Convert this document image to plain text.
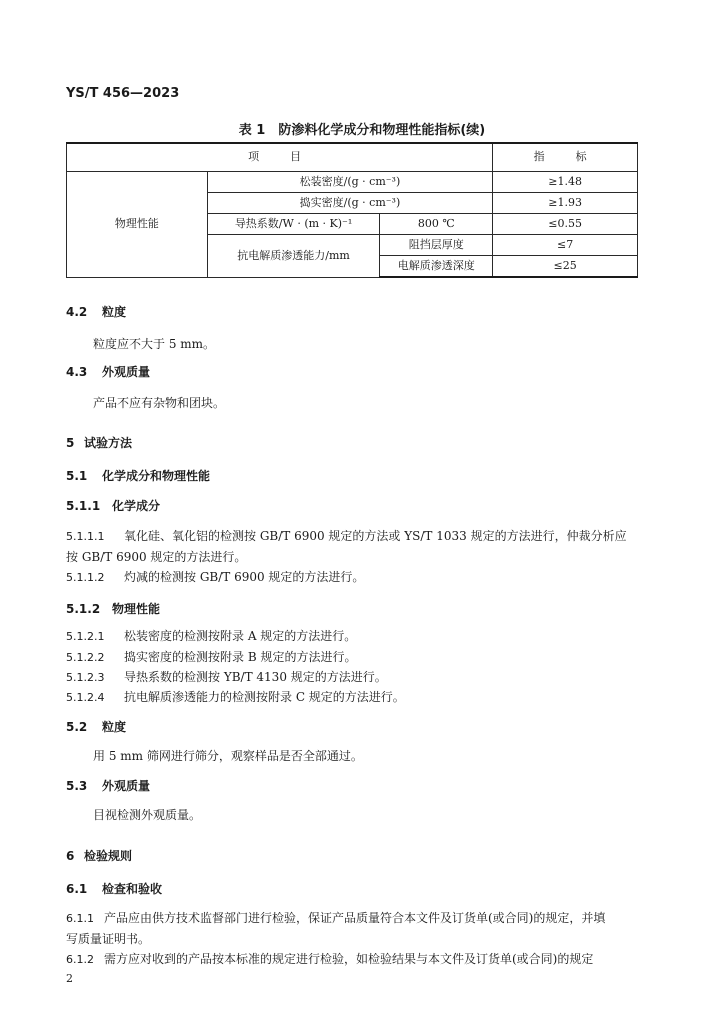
YS/T 456—2023
表 1　防渗料化学成分和物理性能指标(续)
项　目			指　标
物理性能	松装密度/(g · cm⁻³)		≥1.48
	捣实密度/(g · cm⁻³)		≥1.93
	导热系数/W · (m · K)⁻¹	800 ℃	≤0.55
	抗电解质渗透能力/mm	阻挡层厚度	≤7
		电解质渗透深度	≤25
4.2 粒度
粒度应不大于 5 mm。
4.3 外观质量
产品不应有杂物和团块。
5 试验方法
5.1 化学成分和物理性能
5.1.1 化学成分
5.1.1.1 氧化硅、氧化铝的检测按 GB/T 6900 规定的方法或 YS/T 1033 规定的方法进行，仲裁分析应
按 GB/T 6900 规定的方法进行。
5.1.1.2 灼减的检测按 GB/T 6900 规定的方法进行。
5.1.2 物理性能
5.1.2.1 松装密度的检测按附录 A 规定的方法进行。
5.1.2.2 捣实密度的检测按附录 B 规定的方法进行。
5.1.2.3 导热系数的检测按 YB/T 4130 规定的方法进行。
5.1.2.4 抗电解质渗透能力的检测按附录 C 规定的方法进行。
5.2 粒度
用 5 mm 筛网进行筛分，观察样品是否全部通过。
5.3 外观质量
目视检测外观质量。
6 检验规则
6.1 检查和验收
6.1.1 产品应由供方技术监督部门进行检验，保证产品质量符合本文件及订货单(或合同)的规定，并填
写质量证明书。
6.1.2 需方应对收到的产品按本标准的规定进行检验，如检验结果与本文件及订货单(或合同)的规定
2
